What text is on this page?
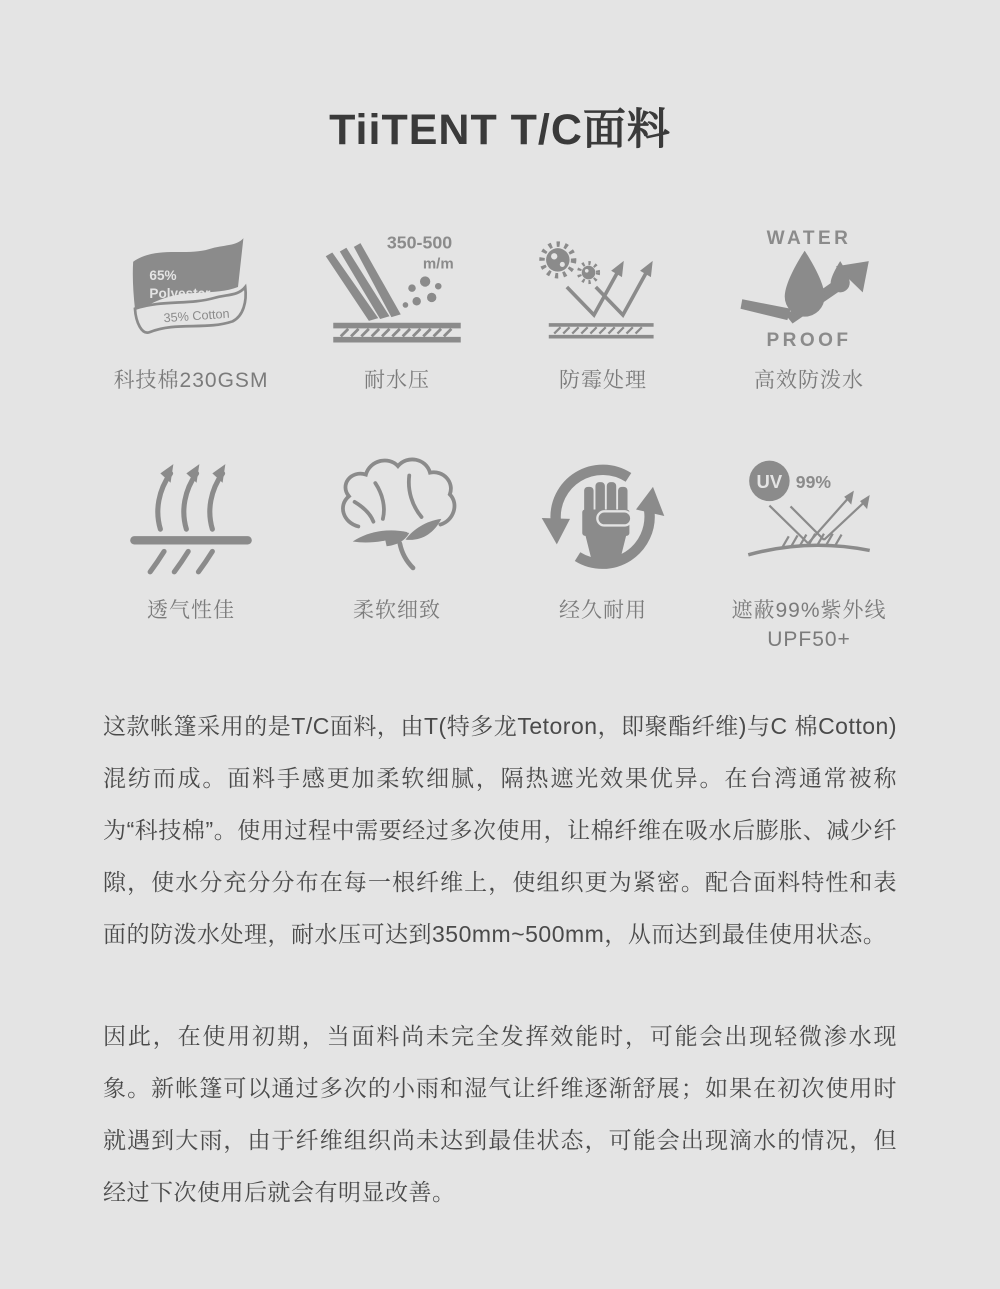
TiiTENT T/C面料
65%
Polyester
35% Cotton
科技棉230GSM
350-500
m/m
耐水压	防霉处理
WATER
PROOF
高效防泼水
透气性佳	柔软细致	经久耐用
UV 99%
遮蔽99%紫外线
UPF50+

这款帐篷采用的是T/C面料，由T(特多龙Tetoron，即聚酯纤维)与C 棉Cotton)混纺而成。面料手感更加柔软细腻，隔热遮光效果优异。在台湾通常被称为“科技棉”。使用过程中需要经过多次使用，让棉纤维在吸水后膨胀、减少纤隙，使水分充分分布在每一根纤维上，使组织更为紧密。配合面料特性和表面的防泼水处理，耐水压可达到350mm~500mm，从而达到最佳使用状态。

因此，在使用初期，当面料尚未完全发挥效能时，可能会出现轻微渗水现象。新帐篷可以通过多次的小雨和湿气让纤维逐渐舒展；如果在初次使用时就遇到大雨，由于纤维组织尚未达到最佳状态，可能会出现滴水的情况，但经过下次使用后就会有明显改善。
